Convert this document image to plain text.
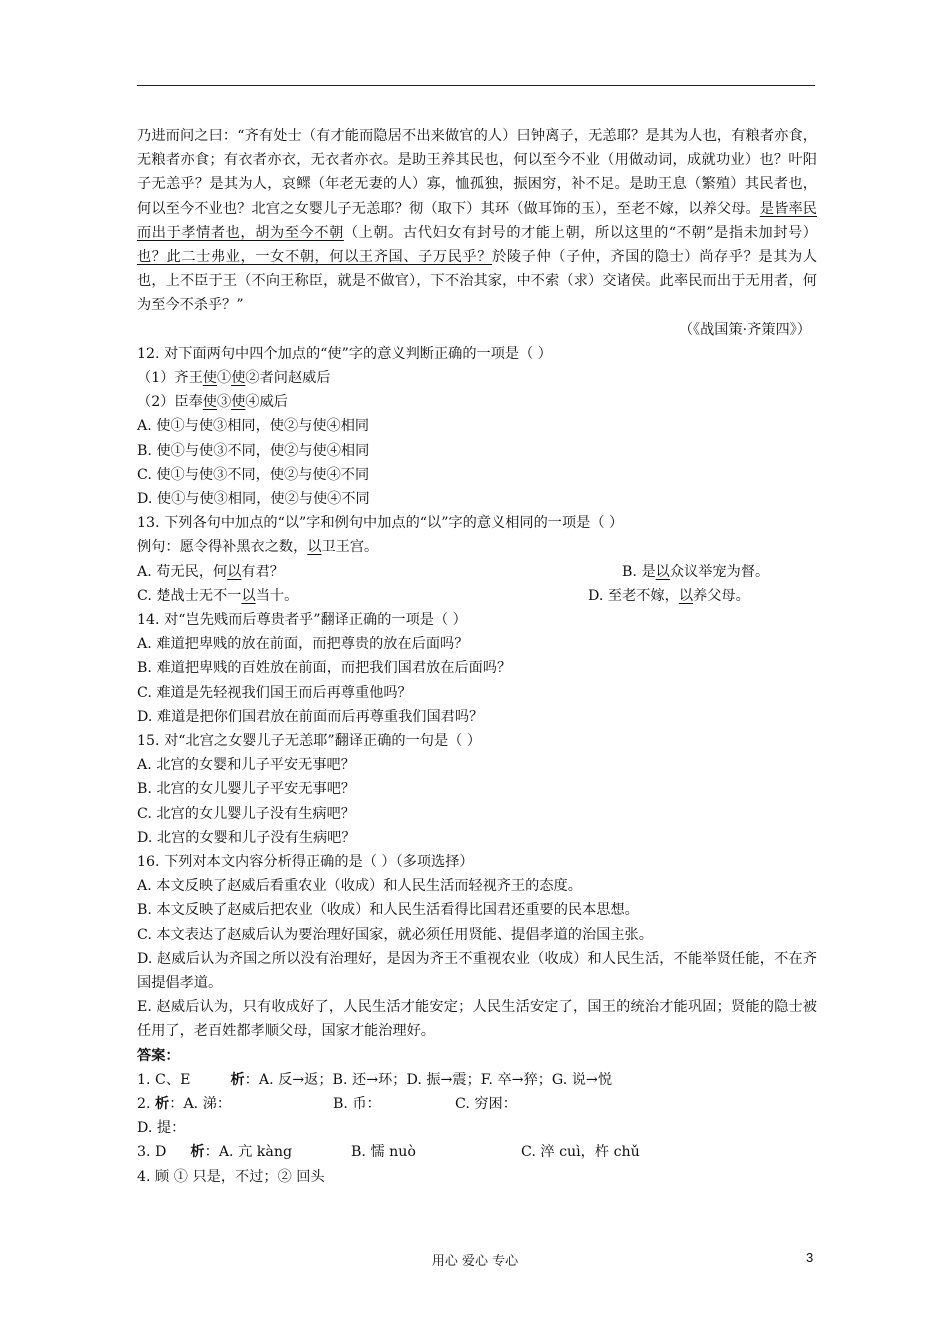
乃进而问之曰：“齐有处士（有才能而隐居不出来做官的人）曰钟离子，无恙耶？是其为人也，有粮者亦食，无粮者亦食；有衣者亦衣，无衣者亦衣。是助王养其民也，何以至今不业（用做动词，成就功业）也？叶阳子无恙乎？是其为人，哀鳏（年老无妻的人）寡，恤孤独，振困穷，补不足。是助王息（繁殖）其民者也，何以至今不业也？北宫之女婴儿子无恙耶？彻（取下）其环（做耳饰的玉），至老不嫁，以养父母。是皆率民而出于孝情者也，胡为至今不朝（上朝。古代妇女有封号的才能上朝，所以这里的“不朝”是指未加封号）也？此二士弗业，一女不朝，何以王齐国、子万民乎？於陵子仲（子仲，齐国的隐士）尚存乎？是其为人也，上不臣于王（不向王称臣，就是不做官），下不治其家，中不索（求）交诸侯。此率民而出于无用者，何为至今不杀乎？”

（《战国策·齐策四》）

12. 对下面两句中四个加点的“使”字的意义判断正确的一项是（ ）

（1）齐王使①使②者问赵威后

（2）臣奉使③使④威后

A. 使①与使③相同，使②与使④相同

B. 使①与使③不同，使②与使④相同

C. 使①与使③不同，使②与使④不同

D. 使①与使③相同，使②与使④不同

13. 下列各句中加点的“以”字和例句中加点的“以”字的意义相同的一项是（ ）

例句：愿令得补黑衣之数，以卫王宫。

A. 苟无民，何以有君？	B. 是以众议举宠为督。
C. 楚战士无不一以当十。	D. 至老不嫁，以养父母。

14. 对“岂先贱而后尊贵者乎”翻译正确的一项是（ ）

A. 难道把卑贱的放在前面，而把尊贵的放在后面吗？

B. 难道把卑贱的百姓放在前面，而把我们国君放在后面吗？

C. 难道是先轻视我们国王而后再尊重他吗？

D. 难道是把你们国君放在前面而后再尊重我们国君吗？

15. 对“北宫之女婴儿子无恙耶”翻译正确的一句是（ ）

A. 北宫的女婴和儿子平安无事吧？

B. 北宫的女儿婴儿子平安无事吧？

C. 北宫的女儿婴儿子没有生病吧？

D. 北宫的女婴和儿子没有生病吧？

16. 下列对本文内容分析得正确的是（ ）（多项选择）

A. 本文反映了赵威后看重农业（收成）和人民生活而轻视齐王的态度。

B. 本文反映了赵威后把农业（收成）和人民生活看得比国君还重要的民本思想。

C. 本文表达了赵威后认为要治理好国家，就必须任用贤能、提倡孝道的治国主张。

D. 赵威后认为齐国之所以没有治理好，是因为齐王不重视农业（收成）和人民生活，不能举贤任能，不在齐国提倡孝道。

E. 赵威后认为，只有收成好了，人民生活才能安定；人民生活安定了，国王的统治才能巩固；贤能的隐士被任用了，老百姓都孝顺父母，国家才能治理好。

答案：

1. C、E	析：A. 反→返；B. 还→环；D. 振→震；F. 卒→猝；G. 说→悦

2. 析：A. 涕：	B. 币：	C. 穷困：

D. 提：

3. D 析：A. 亢 kàng	B. 懦 nuò	C. 淬 cuì，杵 chǔ

4. 顾 ① 只是，不过；② 回头

用心 爱心 专心	3
